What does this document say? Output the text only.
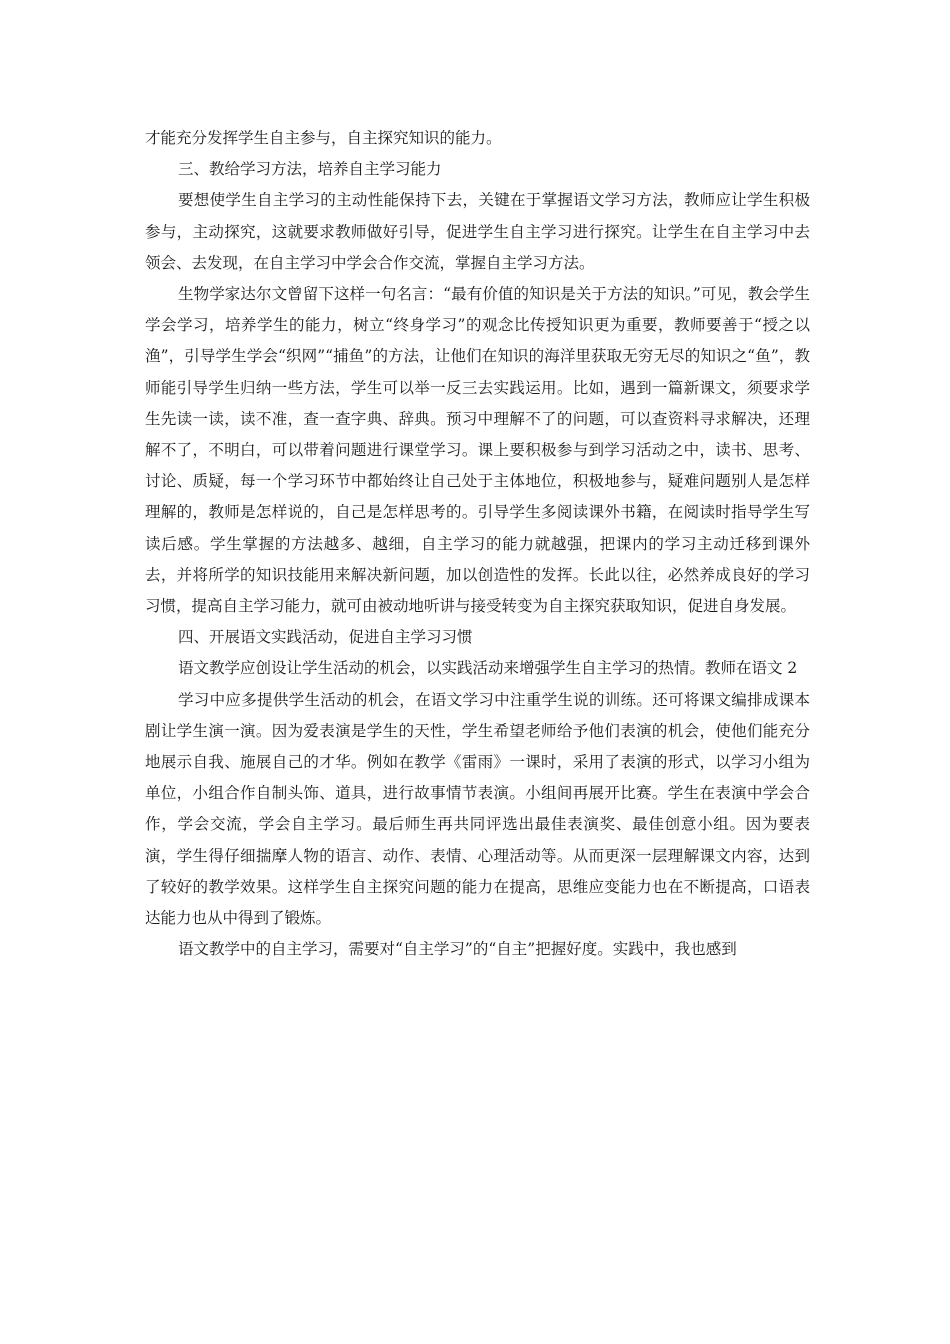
才能充分发挥学生自主参与，自主探究知识的能力。

三、教给学习方法，培养自主学习能力

要想使学生自主学习的主动性能保持下去，关键在于掌握语文学习方法，教师应让学生积极参与，主动探究，这就要求教师做好引导，促进学生自主学习进行探究。让学生在自主学习中去领会、去发现，在自主学习中学会合作交流，掌握自主学习方法。

生物学家达尔文曾留下这样一句名言：“最有价值的知识是关于方法的知识。”可见，教会学生学会学习，培养学生的能力，树立“终身学习”的观念比传授知识更为重要，教师要善于“授之以渔”，引导学生学会“织网”“捕鱼”的方法，让他们在知识的海洋里获取无穷无尽的知识之“鱼”，教师能引导学生归纳一些方法，学生可以举一反三去实践运用。比如，遇到一篇新课文，须要求学生先读一读，读不准，查一查字典、辞典。预习中理解不了的问题，可以查资料寻求解决，还理解不了，不明白，可以带着问题进行课堂学习。课上要积极参与到学习活动之中，读书、思考、讨论、质疑，每一个学习环节中都始终让自己处于主体地位，积极地参与，疑难问题别人是怎样理解的，教师是怎样说的，自己是怎样思考的。引导学生多阅读课外书籍，在阅读时指导学生写读后感。学生掌握的方法越多、越细，自主学习的能力就越强，把课内的学习主动迁移到课外去，并将所学的知识技能用来解决新问题，加以创造性的发挥。长此以往，必然养成良好的学习习惯，提高自主学习能力，就可由被动地听讲与接受转变为自主探究获取知识，促进自身发展。

四、开展语文实践活动，促进自主学习习惯

语文教学应创设让学生活动的机会，以实践活动来增强学生自主学习的热情。教师在语文 2

学习中应多提供学生活动的机会，在语文学习中注重学生说的训练。还可将课文编排成课本剧让学生演一演。因为爱表演是学生的天性，学生希望老师给予他们表演的机会，使他们能充分地展示自我、施展自己的才华。例如在教学《雷雨》一课时，采用了表演的形式，以学习小组为单位，小组合作自制头饰、道具，进行故事情节表演。小组间再展开比赛。学生在表演中学会合作，学会交流，学会自主学习。最后师生再共同评选出最佳表演奖、最佳创意小组。因为要表演，学生得仔细揣摩人物的语言、动作、表情、心理活动等。从而更深一层理解课文内容，达到了较好的教学效果。这样学生自主探究问题的能力在提高，思维应变能力也在不断提高，口语表达能力也从中得到了锻炼。

语文教学中的自主学习，需要对“自主学习”的“自主”把握好度。实践中，我也感到
